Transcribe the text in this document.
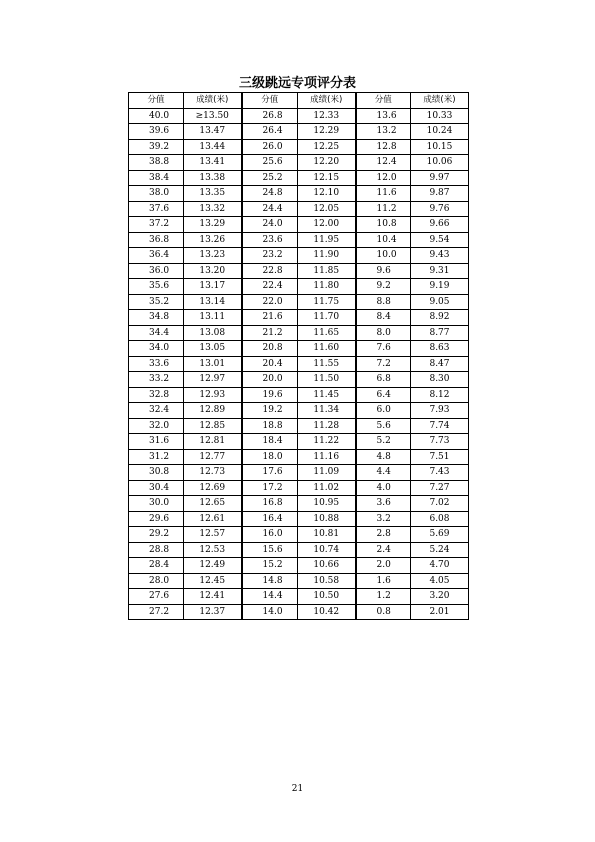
三级跳远专项评分表
分值	成绩(米)	分值	成绩(米)	分值	成绩(米)
40.0	≥13.50	26.8	12.33	13.6	10.33
39.6	13.47	26.4	12.29	13.2	10.24
39.2	13.44	26.0	12.25	12.8	10.15
38.8	13.41	25.6	12.20	12.4	10.06
38.4	13.38	25.2	12.15	12.0	9.97
38.0	13.35	24.8	12.10	11.6	9.87
37.6	13.32	24.4	12.05	11.2	9.76
37.2	13.29	24.0	12.00	10.8	9.66
36.8	13.26	23.6	11.95	10.4	9.54
36.4	13.23	23.2	11.90	10.0	9.43
36.0	13.20	22.8	11.85	9.6	9.31
35.6	13.17	22.4	11.80	9.2	9.19
35.2	13.14	22.0	11.75	8.8	9.05
34.8	13.11	21.6	11.70	8.4	8.92
34.4	13.08	21.2	11.65	8.0	8.77
34.0	13.05	20.8	11.60	7.6	8.63
33.6	13.01	20.4	11.55	7.2	8.47
33.2	12.97	20.0	11.50	6.8	8.30
32.8	12.93	19.6	11.45	6.4	8.12
32.4	12.89	19.2	11.34	6.0	7.93
32.0	12.85	18.8	11.28	5.6	7.74
31.6	12.81	18.4	11.22	5.2	7.73
31.2	12.77	18.0	11.16	4.8	7.51
30.8	12.73	17.6	11.09	4.4	7.43
30.4	12.69	17.2	11.02	4.0	7.27
30.0	12.65	16.8	10.95	3.6	7.02
29.6	12.61	16.4	10.88	3.2	6.08
29.2	12.57	16.0	10.81	2.8	5.69
28.8	12.53	15.6	10.74	2.4	5.24
28.4	12.49	15.2	10.66	2.0	4.70
28.0	12.45	14.8	10.58	1.6	4.05
27.6	12.41	14.4	10.50	1.2	3.20
27.2	12.37	14.0	10.42	0.8	2.01
21
